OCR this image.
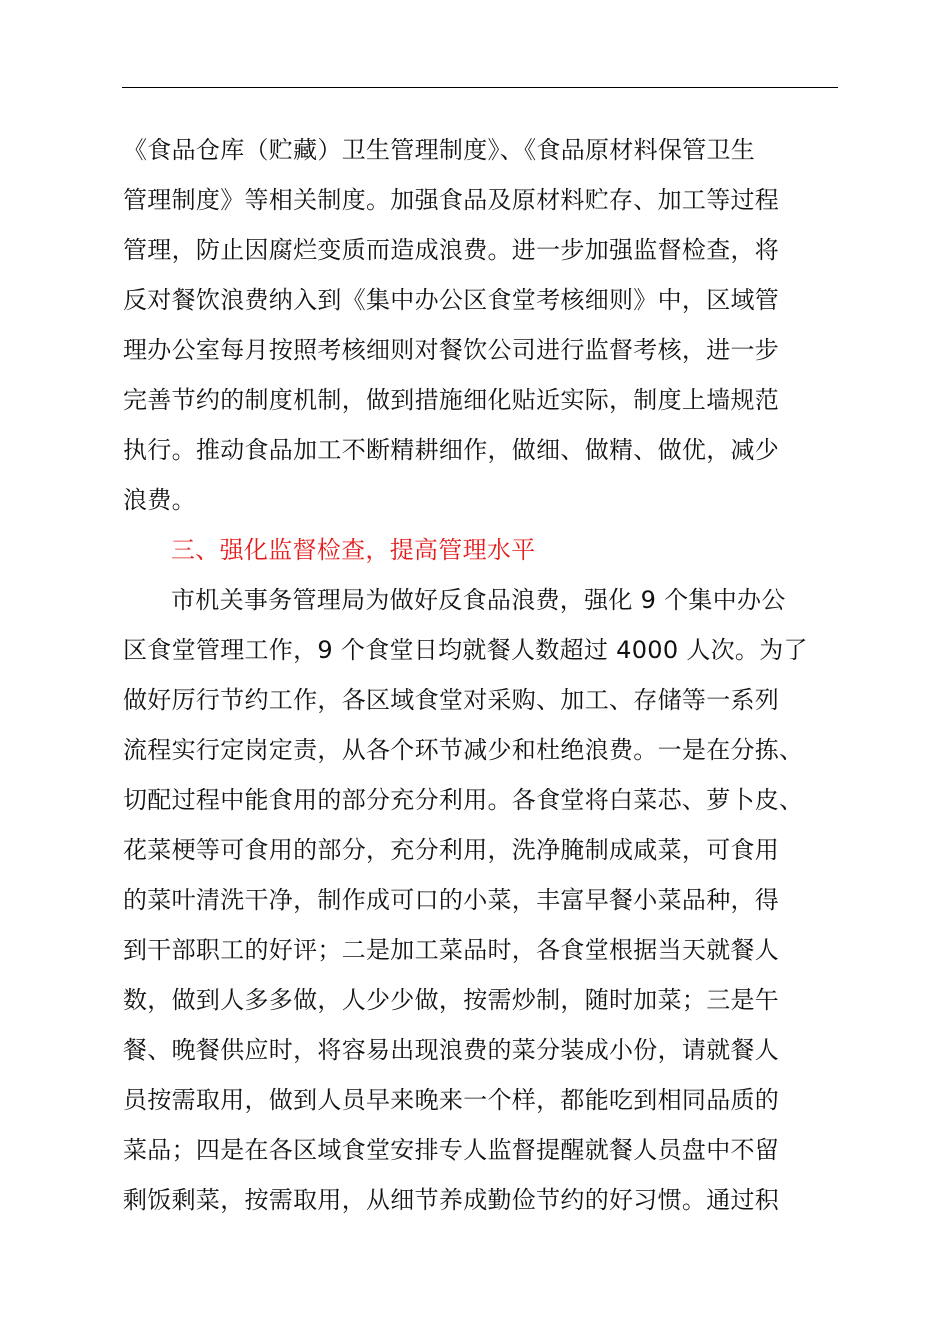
《食品仓库（贮藏）卫生管理制度》、《食品原材料保管卫生
管理制度》等相关制度。加强食品及原材料贮存、加工等过程
管理，防止因腐烂变质而造成浪费。进一步加强监督检查，将
反对餐饮浪费纳入到《集中办公区食堂考核细则》中，区域管
理办公室每月按照考核细则对餐饮公司进行监督考核，进一步
完善节约的制度机制，做到措施细化贴近实际，制度上墙规范
执行。推动食品加工不断精耕细作，做细、做精、做优，减少
浪费。
三、强化监督检查，提高管理水平
市机关事务管理局为做好反食品浪费，强化 9 个集中办公
区食堂管理工作，9 个食堂日均就餐人数超过 4000 人次。为了
做好厉行节约工作，各区域食堂对采购、加工、存储等一系列
流程实行定岗定责，从各个环节减少和杜绝浪费。一是在分拣、
切配过程中能食用的部分充分利用。各食堂将白菜芯、萝卜皮、
花菜梗等可食用的部分，充分利用，洗净腌制成咸菜，可食用
的菜叶清洗干净，制作成可口的小菜，丰富早餐小菜品种，得
到干部职工的好评；二是加工菜品时，各食堂根据当天就餐人
数，做到人多多做，人少少做，按需炒制，随时加菜；三是午
餐、晚餐供应时，将容易出现浪费的菜分装成小份，请就餐人
员按需取用，做到人员早来晚来一个样，都能吃到相同品质的
菜品；四是在各区域食堂安排专人监督提醒就餐人员盘中不留
剩饭剩菜，按需取用，从细节养成勤俭节约的好习惯。通过积
